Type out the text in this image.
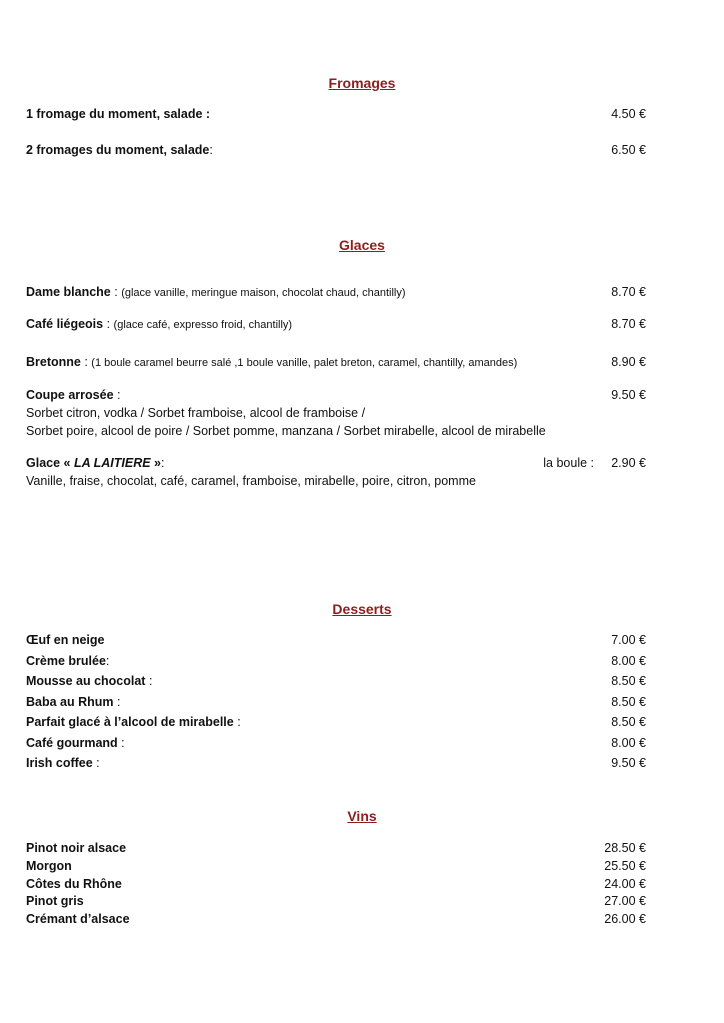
Fromages
1 fromage du moment, salade :	4.50 €
2 fromages du moment, salade:	6.50 €
Glaces
Dame blanche : (glace vanille, meringue maison, chocolat chaud, chantilly)	8.70 €
Café liégeois : (glace café, expresso froid, chantilly)	8.70 €
Bretonne : (1 boule caramel beurre salé ,1 boule vanille, palet breton, caramel, chantilly, amandes)	8.90 €
Coupe arrosée :	9.50 €
Sorbet citron, vodka / Sorbet framboise, alcool de framboise /
Sorbet poire, alcool de poire / Sorbet pomme, manzana / Sorbet mirabelle, alcool de mirabelle
Glace « LA LAITIERE »:	la boule : 2.90 €
Vanille, fraise, chocolat, café, caramel, framboise, mirabelle, poire, citron, pomme
Desserts
Œuf en neige	7.00 €
Crème brulée:	8.00 €
Mousse au chocolat :	8.50 €
Baba au Rhum :	8.50 €
Parfait glacé à l’alcool de mirabelle :	8.50 €
Café gourmand :	8.00 €
Irish coffee :	9.50 €
Vins
Pinot noir alsace	28.50 €
Morgon	25.50 €
Côtes du Rhône	24.00 €
Pinot gris	27.00 €
Crémant d’alsace	26.00 €
